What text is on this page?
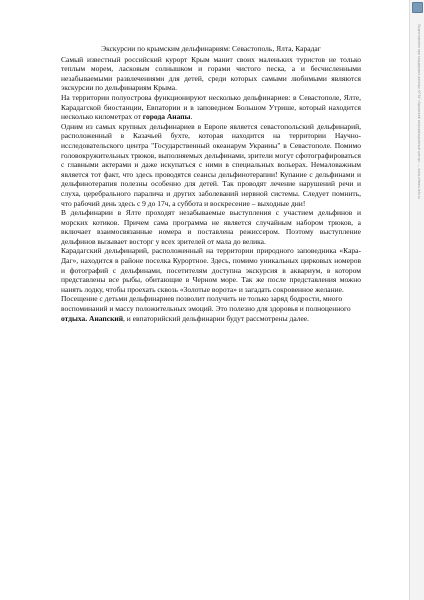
Экскурсии по крымским дельфинариям: Севастополь, Ялта, Карадаг

Самый известный российский курорт Крым манит своих маленьких туристов не только теплым морем, ласковым солнышком и горами чистого песка, а и бесчисленными незабываемыми развлечениями для детей, среди которых самыми любимыми являются экскурсии по дельфинариям Крыма.

На территории полуострова функционируют несколько дельфинариев: в Севастополе, Ялте, Карадагской биостанции, Евпатории и в заповедном Большом Утрише, который находится несколько километрах от города Анапы.

Одним из самых крупных дельфинариев в Европе является севастопольский дельфинарий, расположенный в Казачьей бухте, которая находится на территории Научно-исследовательского центра "Государственный океанарум Украины" в Севастополе. Помимо головокружительных трюков, выполняемых дельфинами, зрители могут сфотографироваться с главными актерами и даже искупаться с ними в специальных вольерах. Немаловажным является тот факт, что здесь проводятся сеансы дельфинотерапии! Купание с дельфинами и дельфинотерапия полезны особенно для детей. Так проводят лечение нарушений речи и слуха, церебрального паралича и других заболеваний нервной системы. Следует помнить, что рабочий день здесь с 9 до 17ч, а суббота и воскресение – выходные дни!

В дельфинарии в Ялте проходят незабываемые выступления с участием дельфинов и морских котиков. Причем сама программа не является случайным набором трюков, а включает взаимосвязанные номера и поставлена режиссером. Поэтому выступление дельфинов вызывает восторг у всех зрителей от мала до велика.

Карадагский дельфинарий, расположенный на территории природного заповедника «Кара-Даг», находится в районе поселка Курортное. Здесь, помимо уникальных цирковых номеров и фотографий с дельфинами, посетителям доступна экскурсия в аквариум, в котором представлены все рыбы, обитающие в Черном море. Так же после представления можно нанять лодку, чтобы проехать сквозь «Золотые ворота» и загадать сокровенное желание.

Посещение с детьми дельфинариев позволит получить не только заряд бодрости, много воспоминаний и массу положительных эмоций. Это полезно для здоровья и полноценного отдыха. Анапский, и евпаторийский дельфинарии будут рассмотрены далее.

Подготовлено при поддержке данных ФГБУ «Крымский информационный центр» — www.crimea-info.ru
